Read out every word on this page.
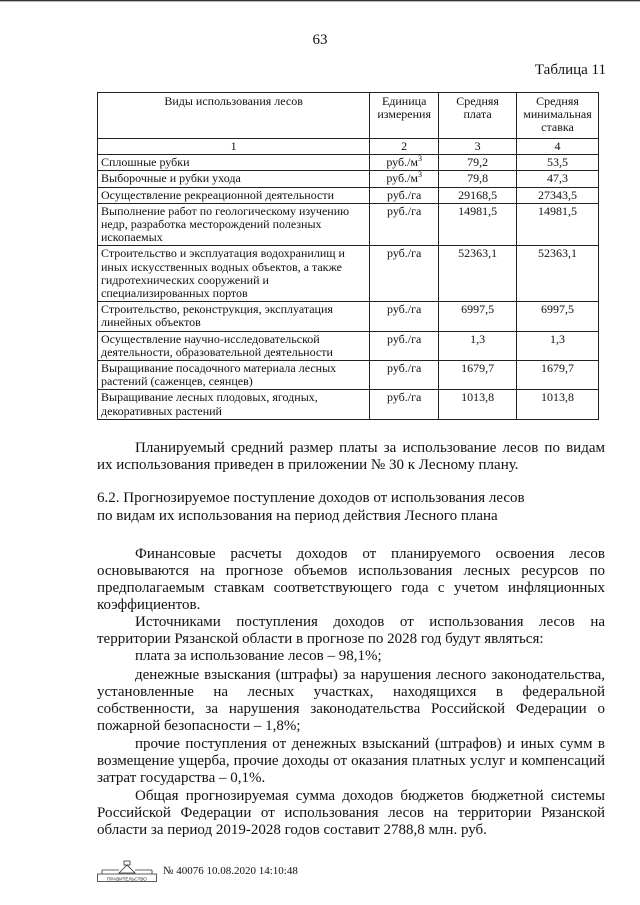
63
Таблица 11
Виды использования лесов	Единица измерения	Средняя плата	Средняя минимальная ставка
1	2	3	4
Сплошные рубки	$руб./м^3$	79,2	53,5
Выборочные и рубки ухода	$руб./м^3$	79,8	47,3
Осуществление рекреационной деятельности	руб./га	29168,5	27343,5
Выполнение работ по геологическому изучению недр, разработка месторождений полезных ископаемых	руб./га	14981,5	14981,5
Строительство и эксплуатация водохранилищ и иных искусственных водных объектов, а также гидротехнических сооружений и специализированных портов	руб./га	52363,1	52363,1
Строительство, реконструкция, эксплуатация линейных объектов	руб./га	6997,5	6997,5
Осуществление научно-исследовательской деятельности, образовательной деятельности	руб./га	1,3	1,3
Выращивание посадочного материала лесных растений (саженцев, сеянцев)	руб./га	1679,7	1679,7
Выращивание лесных плодовых, ягодных, декоративных растений	руб./га	1013,8	1013,8

Планируемый средний размер платы за использование лесов по видам их использования приведен в приложении № 30 к Лесному плану.

6.2. Прогнозируемое поступление доходов от использования лесов

по видам их использования на период действия Лесного плана

Финансовые расчеты доходов от планируемого освоения лесов основываются на прогнозе объемов использования лесных ресурсов по предполагаемым ставкам соответствующего года с учетом инфляционных коэффициентов.

Источниками поступления доходов от использования лесов на территории Рязанской области в прогнозе по 2028 год будут являться:

плата за использование лесов – 98,1%;

денежные взыскания (штрафы) за нарушения лесного законодательства, установленные на лесных участках, находящихся в федеральной собственности, за нарушения законодательства Российской Федерации о пожарной безопасности – 1,8%;

прочие поступления от денежных взысканий (штрафов) и иных сумм в возмещение ущерба, прочие доходы от оказания платных услуг и компенсаций затрат государства – 0,1%.

Общая прогнозируемая сумма доходов бюджетов бюджетной системы Российской Федерации от использования лесов на территории Рязанской области за период 2019-2028 годов составит 2788,8 млн. руб.

ПРАВИТЕЛЬСТВО
№ 40076 10.08.2020 14:10:48
